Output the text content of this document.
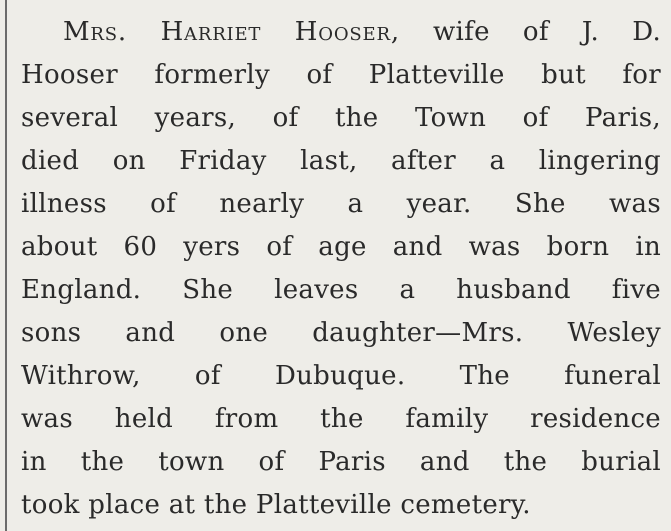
Mrs. Harriet Hooser, wife of J. D.
Hooser formerly of Platteville but for
several years, of the Town of Paris,
died on Friday last, after a lingering
illness of nearly a year. She was
about 60 yers of age and was born in
England. She leaves a husband five
sons and one daughter—Mrs. Wesley
Withrow, of Dubuque. The funeral
was held from the family residence
in the town of Paris and the burial
took place at the Platteville cemetery.
